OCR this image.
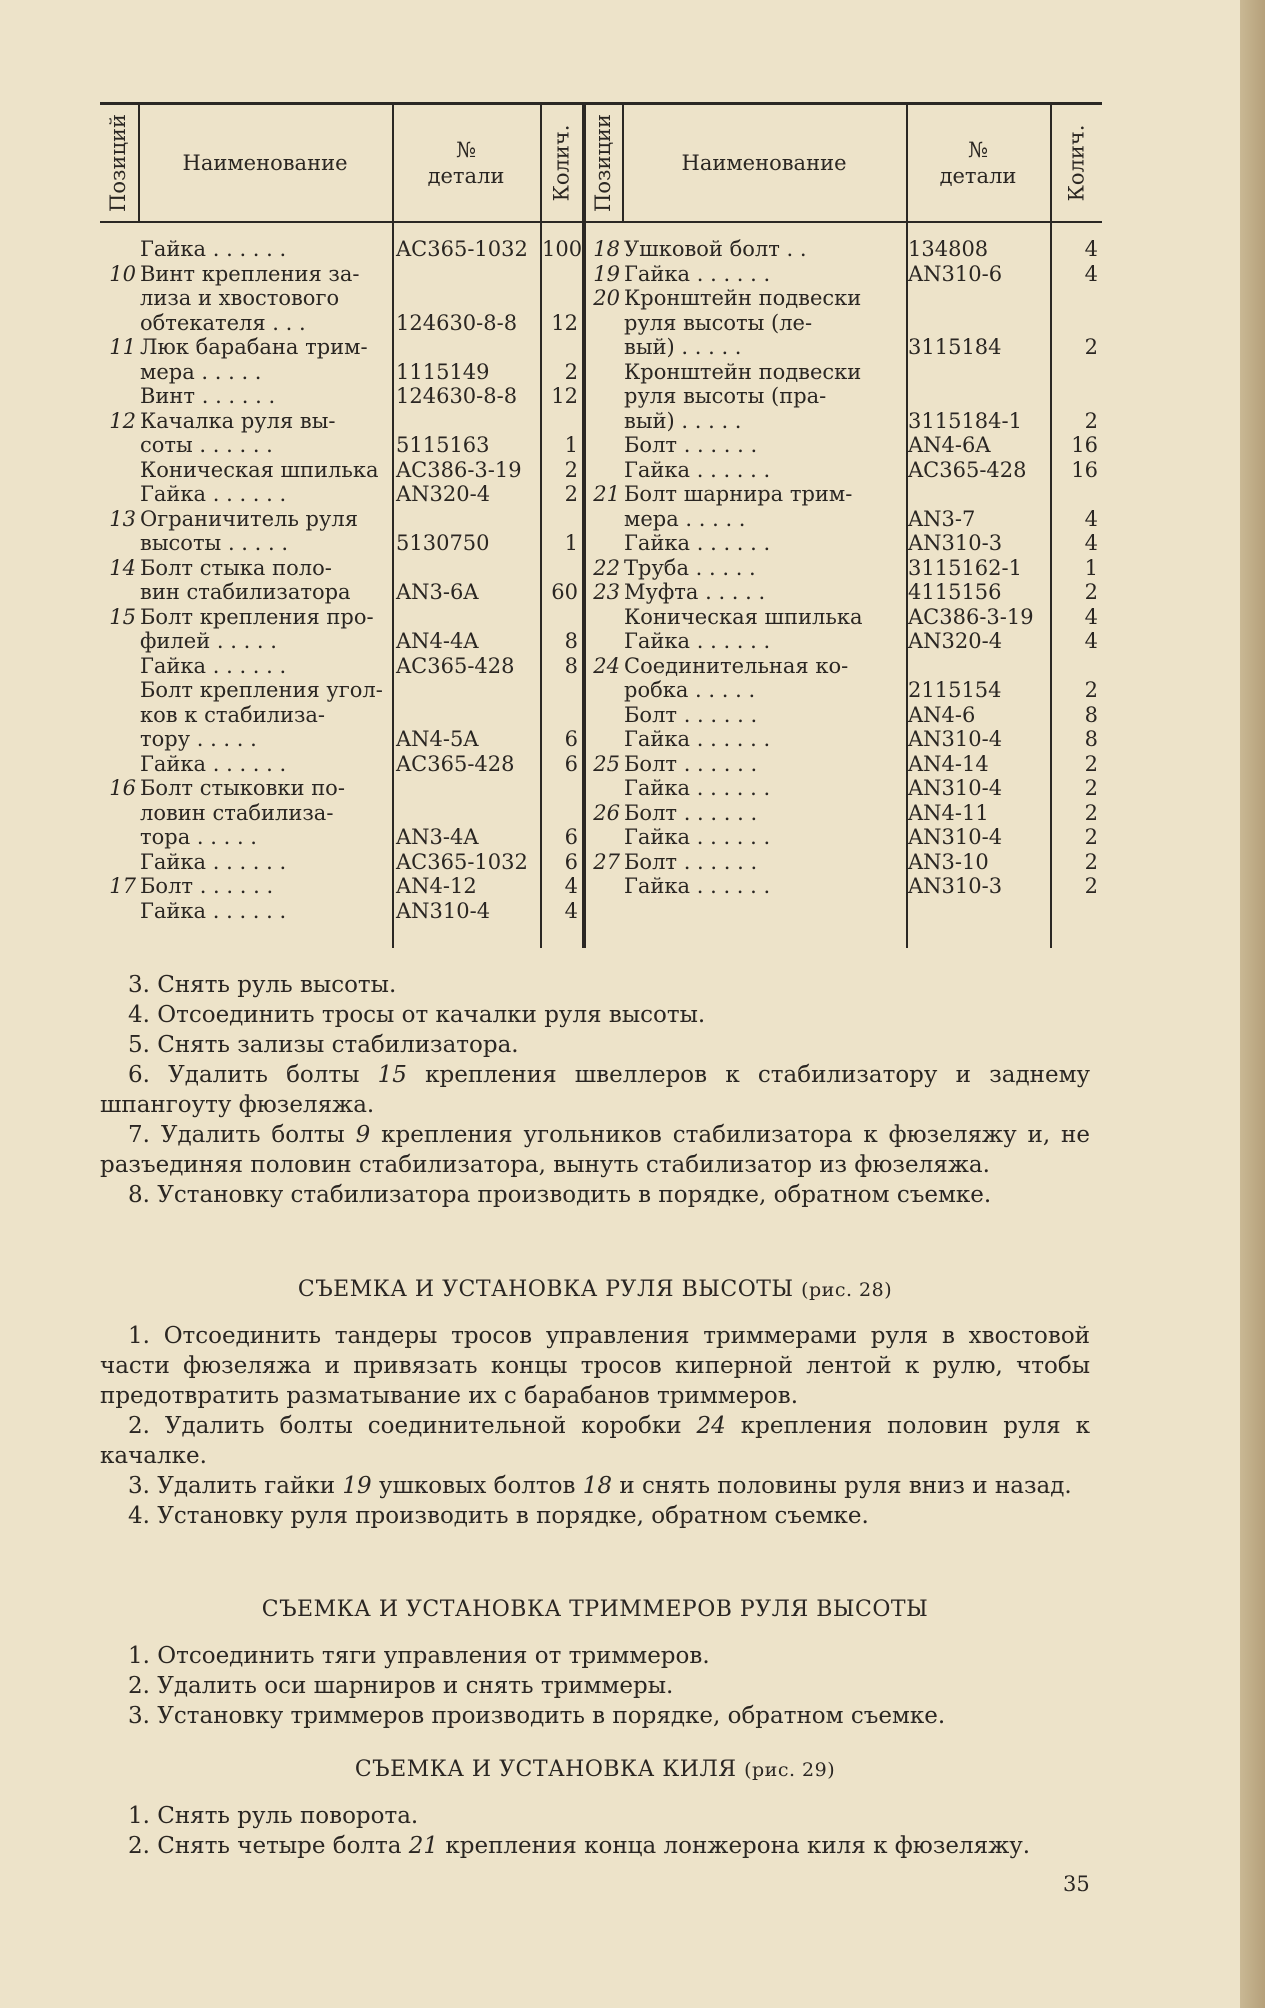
Позиций	Наименование
№ детали Колич. Позиции	Наименование
№ детали Колич.
Гайка . . . . . .	AC365-1032 100
10 Винт крепления за-
лиза и хвостового
обтекателя . . .	124630-8-8	12
11 Люк барабана трим-
мера . . . . .	1115149	2
Винт . . . . . .	124630-8-8	12
12 Качалка руля вы-
соты . . . . . .	5115163	1
Коническая шпилька AC386-3-19	2
Гайка . . . . . .	AN320-4	2
13 Ограничитель руля
высоты . . . . .	5130750	1
14 Болт стыка поло-
вин стабилизатора	AN3-6A	60
15 Болт крепления про-
филей . . . . .	AN4-4A	8
Гайка . . . . . .	AC365-428	8
Болт крепления угол-
ков к стабилиза-
тору . . . . .	AN4-5A	6
Гайка . . . . . .	AC365-428	6
16 Болт стыковки по-
ловин стабилиза-
тора . . . . .	AN3-4A	6
Гайка . . . . . .	AC365-1032	6
17 Болт . . . . . .	AN4-12	4
Гайка . . . . . .	AN310-4	4
18 Ушковой болт . .	134808	4
19 Гайка . . . . . .	AN310-6	4
20 Кронштейн подвески
руля высоты (ле-
вый) . . . . .	3115184	2
Кронштейн подвески
руля высоты (пра-
вый) . . . . .	3115184-1	2
Болт . . . . . .	AN4-6A	16
Гайка . . . . . .	AC365-428	16
21 Болт шарнира трим-
мера . . . . .	AN3-7	4
Гайка . . . . . .	AN310-3	4
22 Труба . . . . .	3115162-1	1
23 Муфта . . . . .	4115156	2
Коническая шпилька	AC386-3-19	4
Гайка . . . . . .	AN320-4	4
24 Соединительная ко-
робка . . . . .	2115154	2
Болт . . . . . .	AN4-6	8
Гайка . . . . . .	AN310-4	8
25 Болт . . . . . .	AN4-14	2
Гайка . . . . . .	AN310-4	2
26 Болт . . . . . .	AN4-11	2
Гайка . . . . . .	AN310-4	2
27 Болт . . . . . .	AN3-10	2
Гайка . . . . . .	AN310-3	2

3. Снять руль высоты.

4. Отсоединить тросы от качалки руля высоты.

5. Снять зализы стабилизатора.

6. Удалить болты 15 крепления швеллеров к стабилизатору и заднему шпангоуту фюзеляжа.

7. Удалить болты 9 крепления угольников стабилизатора к фюзеляжу и, не разъединяя половин стабилизатора, вынуть стабилизатор из фюзеляжа.

8. Установку стабилизатора производить в порядке, обратном съемке.

СЪЕМКА И УСТАНОВКА РУЛЯ ВЫСОТЫ (рис. 28)

1. Отсоединить тандеры тросов управления триммерами руля в хвостовой части фюзеляжа и привязать концы тросов киперной лентой к рулю, чтобы предотвратить разматывание их с барабанов триммеров.

2. Удалить болты соединительной коробки 24 крепления половин руля к качалке.

3. Удалить гайки 19 ушковых болтов 18 и снять половины руля вниз и назад.

4. Установку руля производить в порядке, обратном съемке.

СЪЕМКА И УСТАНОВКА ТРИММЕРОВ РУЛЯ ВЫСОТЫ

1. Отсоединить тяги управления от триммеров.

2. Удалить оси шарниров и снять триммеры.

3. Установку триммеров производить в порядке, обратном съемке.

СЪЕМКА И УСТАНОВКА КИЛЯ (рис. 29)

1. Снять руль поворота.

2. Снять четыре болта 21 крепления конца лонжерона киля к фюзеляжу.

35
